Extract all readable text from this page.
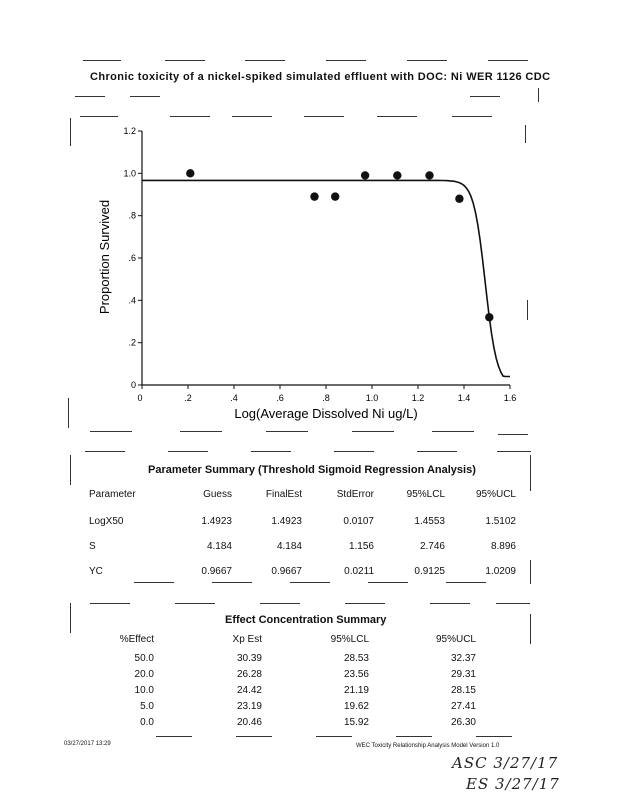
Chronic toxicity of a nickel-spiked simulated effluent with DOC: Ni WER 1126 CDC
0	.2	.4	.6	.8	1.0	1.2	1.4	1.6
0
.2
.4
.6
.8
1.0
1.2
Proportion Survived
Log(Average Dissolved Ni ug/L)
Parameter Summary (Threshold Sigmoid Regression Analysis)
Parameter	Guess	FinalEst	StdError	95%LCL	95%UCL
LogX50	1.4923	1.4923	0.0107	1.4553	1.5102
S	4.184	4.184	1.156	2.746	8.896
YC	0.9667	0.9667	0.0211	0.9125	1.0209
Effect Concentration Summary
%Effect	Xp Est	95%LCL	95%UCL
50.0	30.39	28.53	32.37
20.0	26.28	23.56	29.31
10.0	24.42	21.19	28.15
5.0	23.19	19.62	27.41
0.0	20.46	15.92	26.30
03/27/2017 13:29	WEC Toxicity Relationship Analysis Model Version 1.0
ASC 3/27/17
ES 3/27/17
